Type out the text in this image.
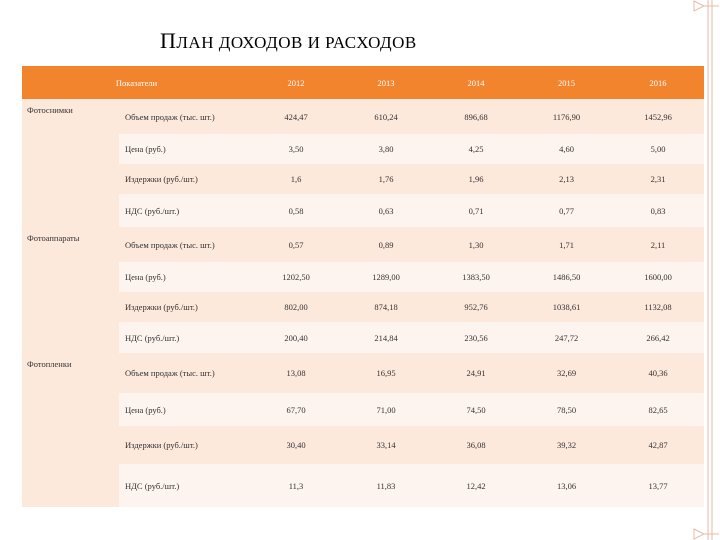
ПЛАН ДОХОДОВ И РАСХОДОВ
Показатели		2012	2013	2014	2015	2016
Фотоснимки	Объем продаж (тыс. шт.)	424,47	610,24	896,68	1176,90	1452,96
	Цена (руб.)	3,50	3,80	4,25	4,60	5,00
	Издержки (руб./шт.)	1,6	1,76	1,96	2,13	2,31
	НДС (руб./шт.)	0,58	0,63	0,71	0,77	0,83
Фотоаппараты	Объем продаж (тыс. шт.)	0,57	0,89	1,30	1,71	2,11
	Цена (руб.)	1202,50	1289,00	1383,50	1486,50	1600,00
	Издержки (руб./шт.)	802,00	874,18	952,76	1038,61	1132,08
	НДС (руб./шт.)	200,40	214,84	230,56	247,72	266,42
Фотопленки	Объем продаж (тыс. шт.)	13,08	16,95	24,91	32,69	40,36
	Цена (руб.)	67,70	71,00	74,50	78,50	82,65
	Издержки (руб./шт.)	30,40	33,14	36,08	39,32	42,87
	НДС (руб./шт.)	11,3	11,83	12,42	13,06	13,77
